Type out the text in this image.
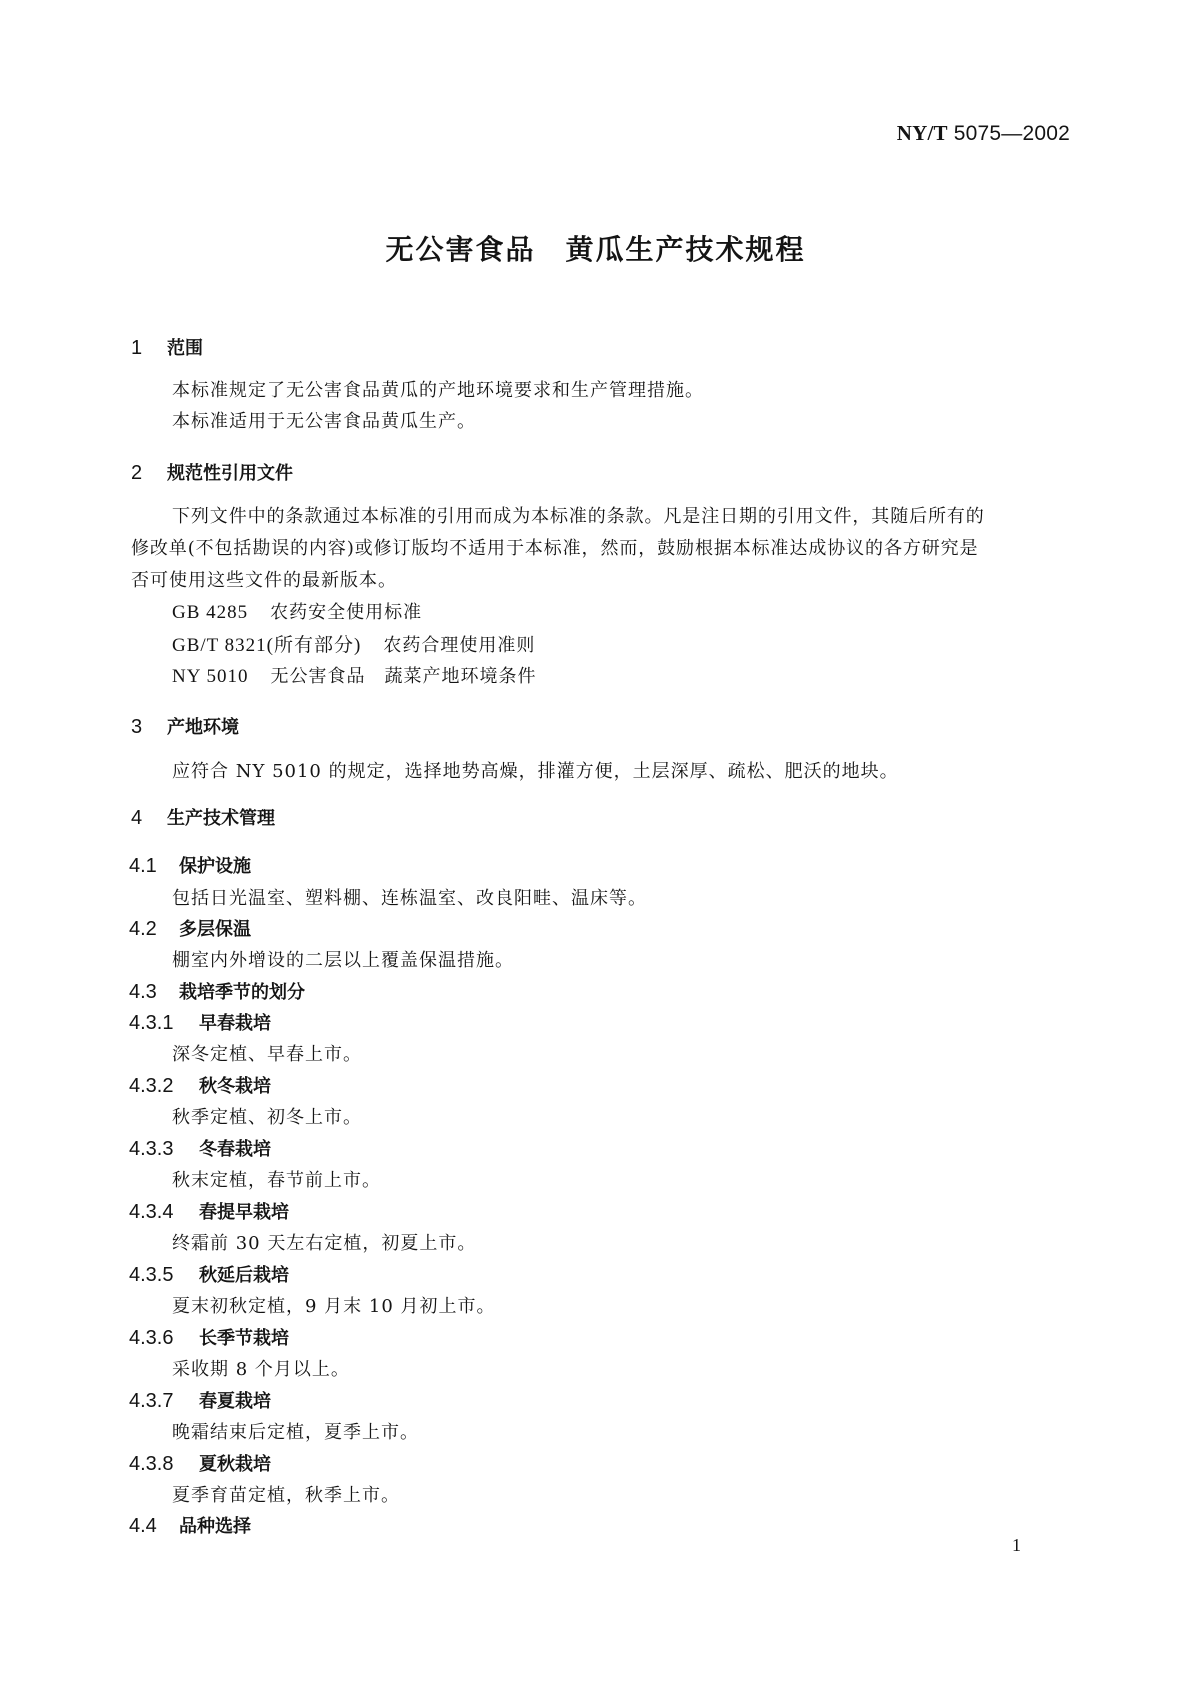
NY/T 5075—2002
无公害食品 黄瓜生产技术规程
1 范围
本标准规定了无公害食品黄瓜的产地环境要求和生产管理措施。
本标准适用于无公害食品黄瓜生产。
2 规范性引用文件
下列文件中的条款通过本标准的引用而成为本标准的条款。凡是注日期的引用文件，其随后所有的
修改单(不包括勘误的内容)或修订版均不适用于本标准，然而，鼓励根据本标准达成协议的各方研究是
否可使用这些文件的最新版本。
GB 4285 农药安全使用标准
GB/T 8321(所有部分) 农药合理使用准则
NY 5010 无公害食品　蔬菜产地环境条件
3 产地环境
应符合 NY 5010 的规定，选择地势高燥，排灌方便，土层深厚、疏松、肥沃的地块。
4 生产技术管理
4.1 保护设施
包括日光温室、塑料棚、连栋温室、改良阳畦、温床等。
4.2 多层保温
棚室内外增设的二层以上覆盖保温措施。
4.3 栽培季节的划分
4.3.1 早春栽培
深冬定植、早春上市。
4.3.2 秋冬栽培
秋季定植、初冬上市。
4.3.3 冬春栽培
秋末定植，春节前上市。
4.3.4 春提早栽培
终霜前 30 天左右定植，初夏上市。
4.3.5 秋延后栽培
夏末初秋定植，9 月末 10 月初上市。
4.3.6 长季节栽培
采收期 8 个月以上。
4.3.7 春夏栽培
晚霜结束后定植，夏季上市。
4.3.8 夏秋栽培
夏季育苗定植，秋季上市。
4.4 品种选择
1
